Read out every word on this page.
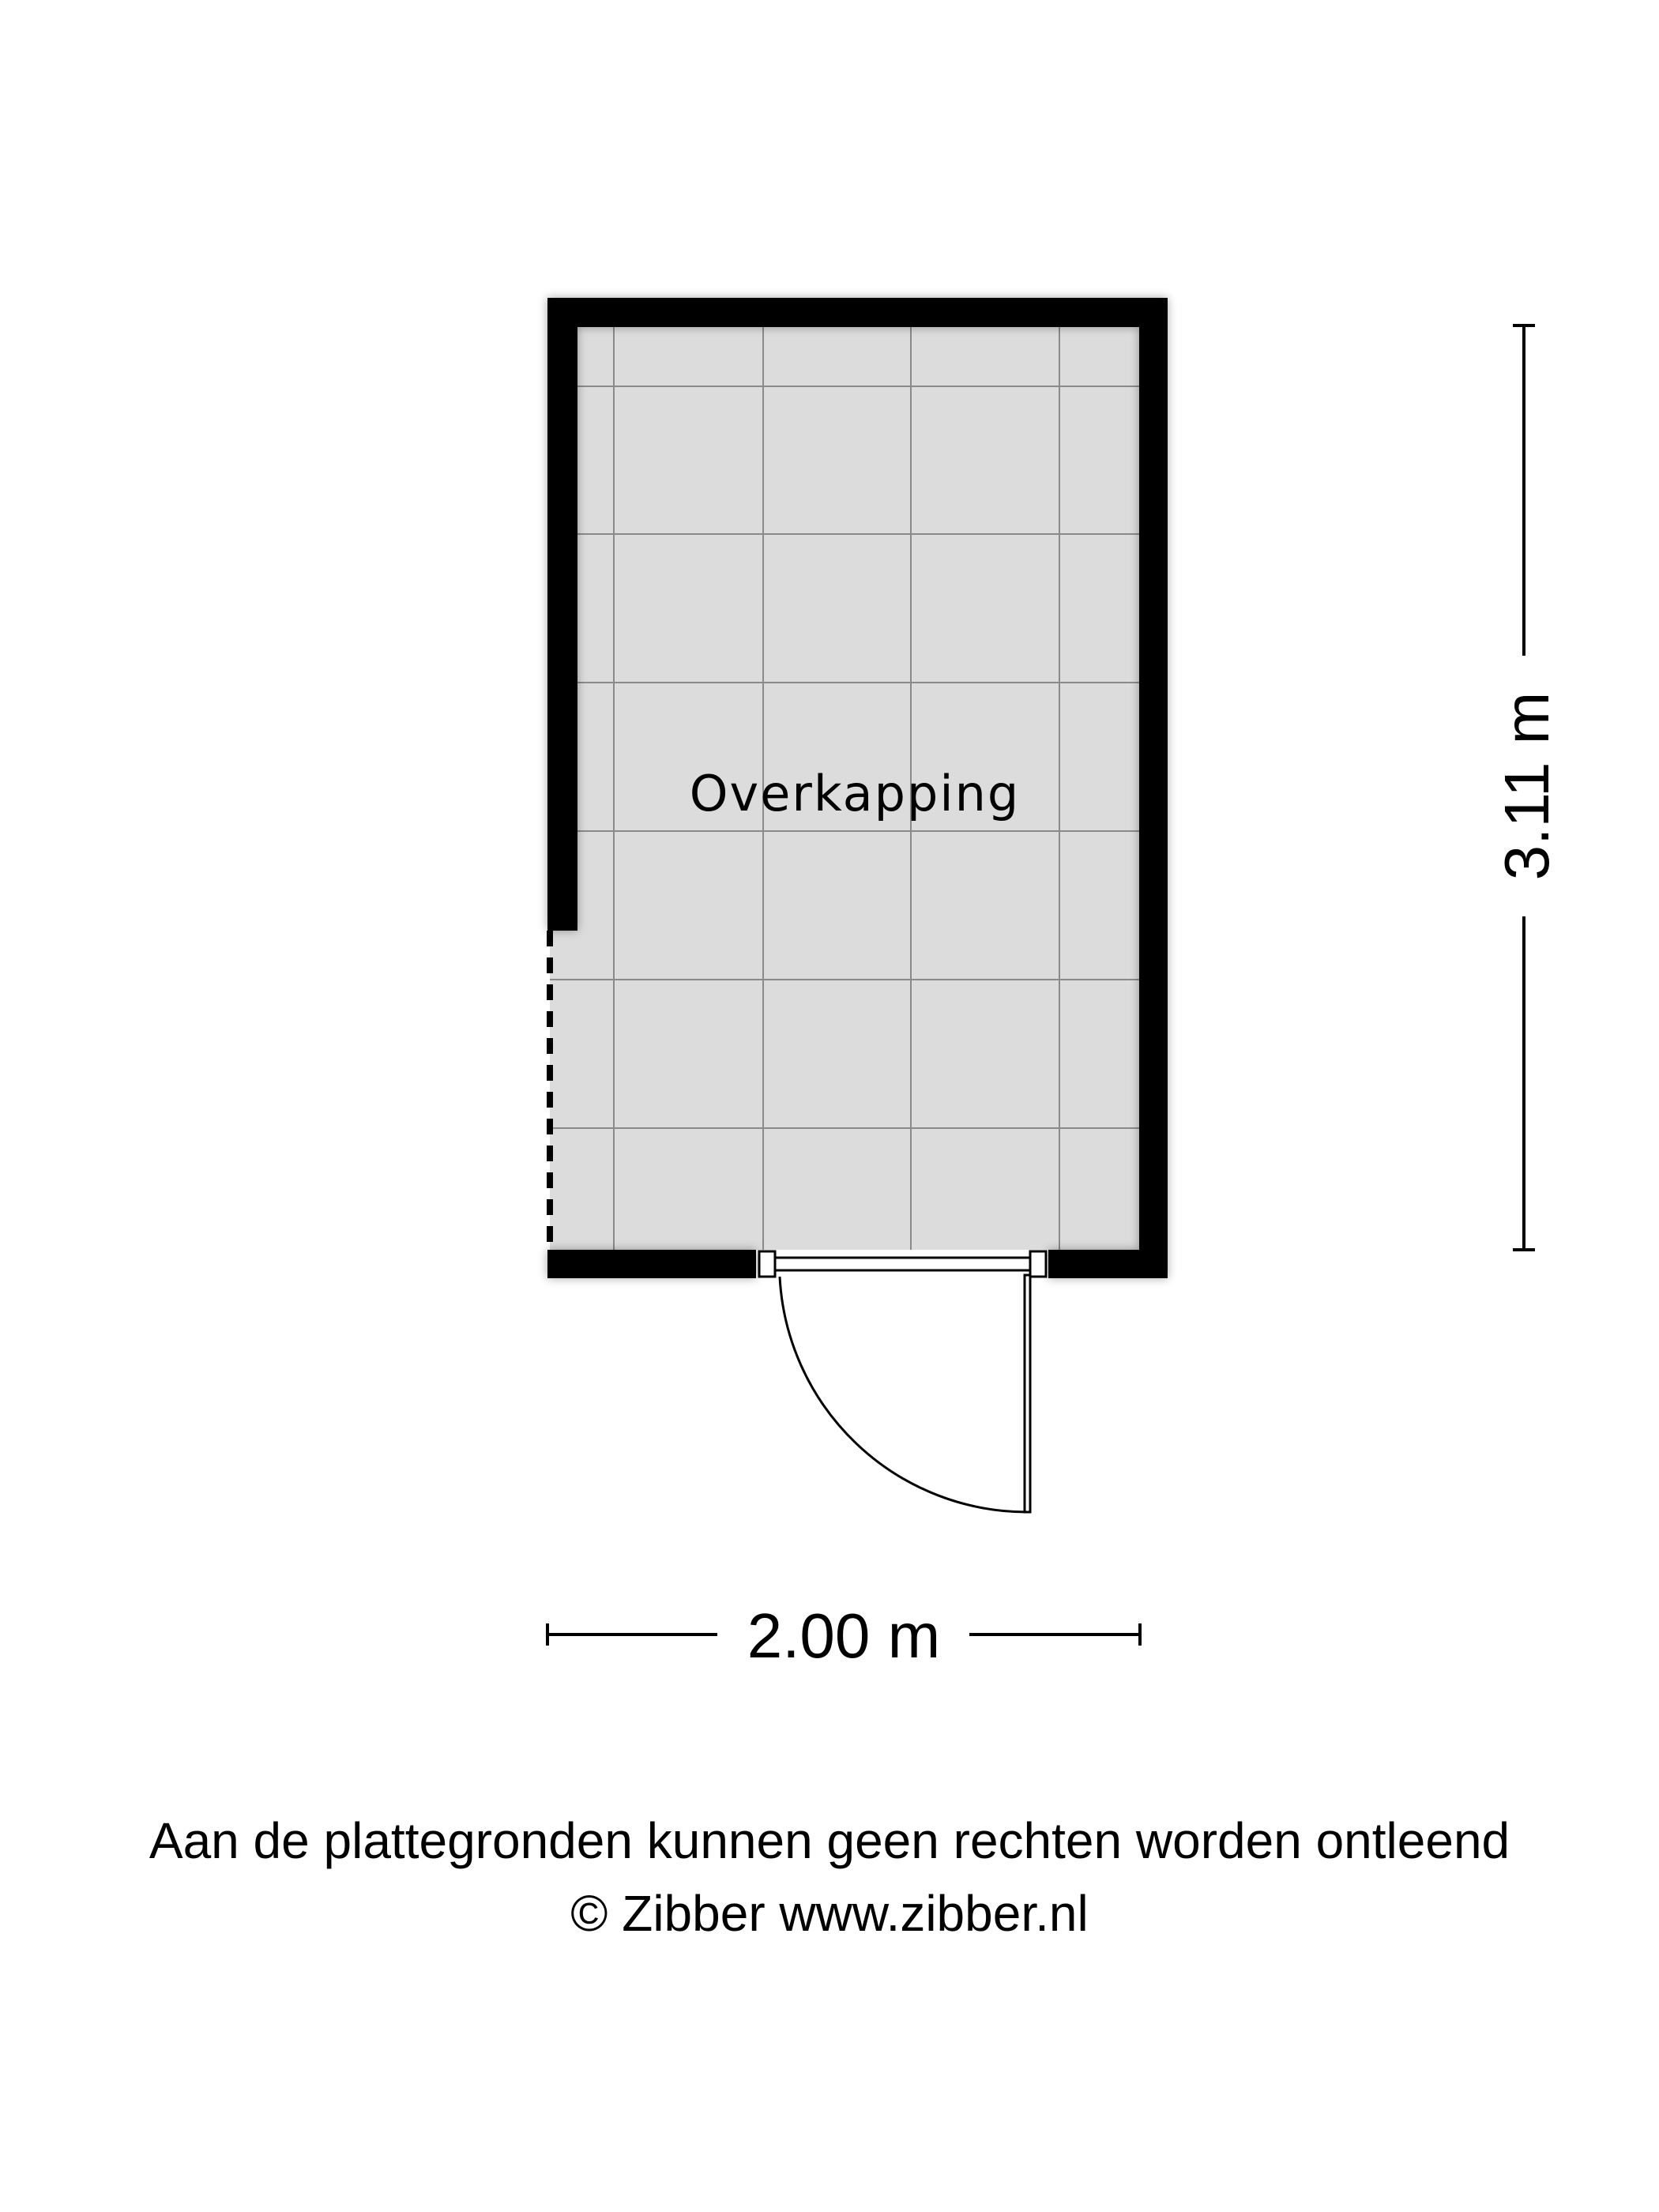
Overkapping
2.00 m
3.11 m
Aan de plattegronden kunnen geen rechten worden ontleend
© Zibber www.zibber.nl
